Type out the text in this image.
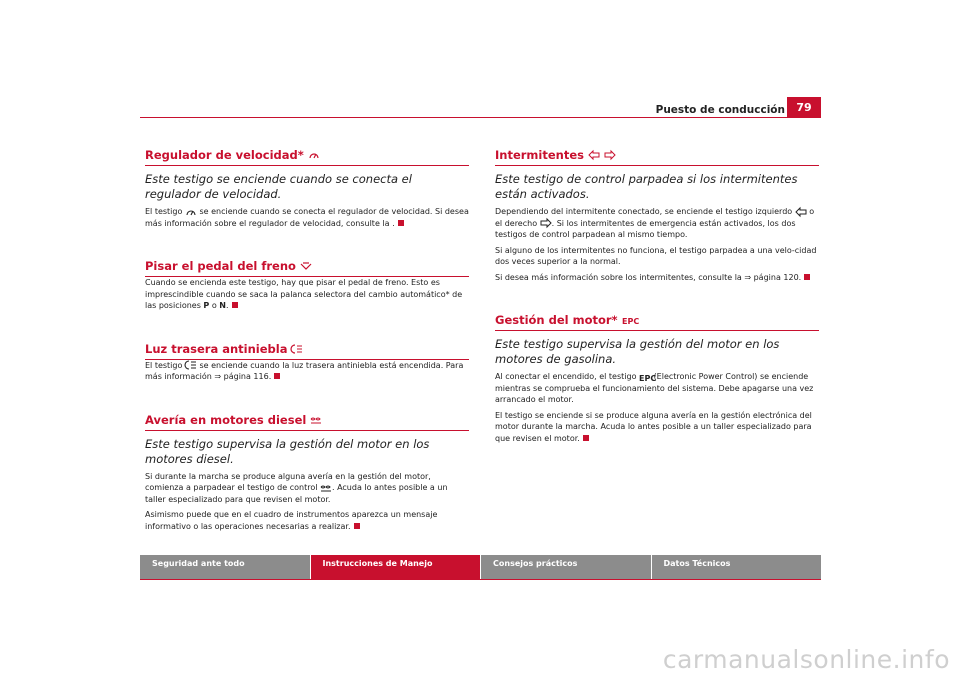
Puesto de conducción	79
Regulador de velocidad*

Este testigo se enciende cuando se conecta el regulador de velocidad.

El testigo se enciende cuando se conecta el regulador de velocidad. Si desea más información sobre el regulador de velocidad, consulte la .

Pisar el pedal del freno

Cuando se encienda este testigo, hay que pisar el pedal de freno. Esto es imprescindible cuando se saca la palanca selectora del cambio automático* de las posiciones P o N.

Luz trasera antiniebla

El testigo se enciende cuando la luz trasera antiniebla está encendida. Para más información ⇒ página 116.

Avería en motores diesel

Este testigo supervisa la gestión del motor en los motores diesel.

Si durante la marcha se produce alguna avería en la gestión del motor, comienza a parpadear el testigo de control . Acuda lo antes posible a un taller especializado para que revisen el motor.

Asimismo puede que en el cuadro de instrumentos aparezca un mensaje informativo o las operaciones necesarias a realizar.

Intermitentes

Este testigo de control parpadea si los intermitentes están activados.

Dependiendo del intermitente conectado, se enciende el testigo izquierdo o el derecho . Si los intermitentes de emergencia están activados, los dos testigos de control parpadean al mismo tiempo.

Si alguno de los intermitentes no funciona, el testigo parpadea a una velo-cidad dos veces superior a la normal.

Si desea más información sobre los intermitentes, consulte la ⇒ página 120.

Gestión del motor* EPC

Este testigo supervisa la gestión del motor en los motores de gasolina.

Al conectar el encendido, el testigo EPC
(Electronic Power Control) se enciende mientras se comprueba el funcionamiento del sistema. Debe apagarse una vez arrancado el motor.

El testigo se enciende si se produce alguna avería en la gestión electrónica del motor durante la marcha. Acuda lo antes posible a un taller especializado para que revisen el motor.

Seguridad ante todo	Instrucciones de Manejo	Consejos prácticos	Datos Técnicos
carmanualsonline.info
